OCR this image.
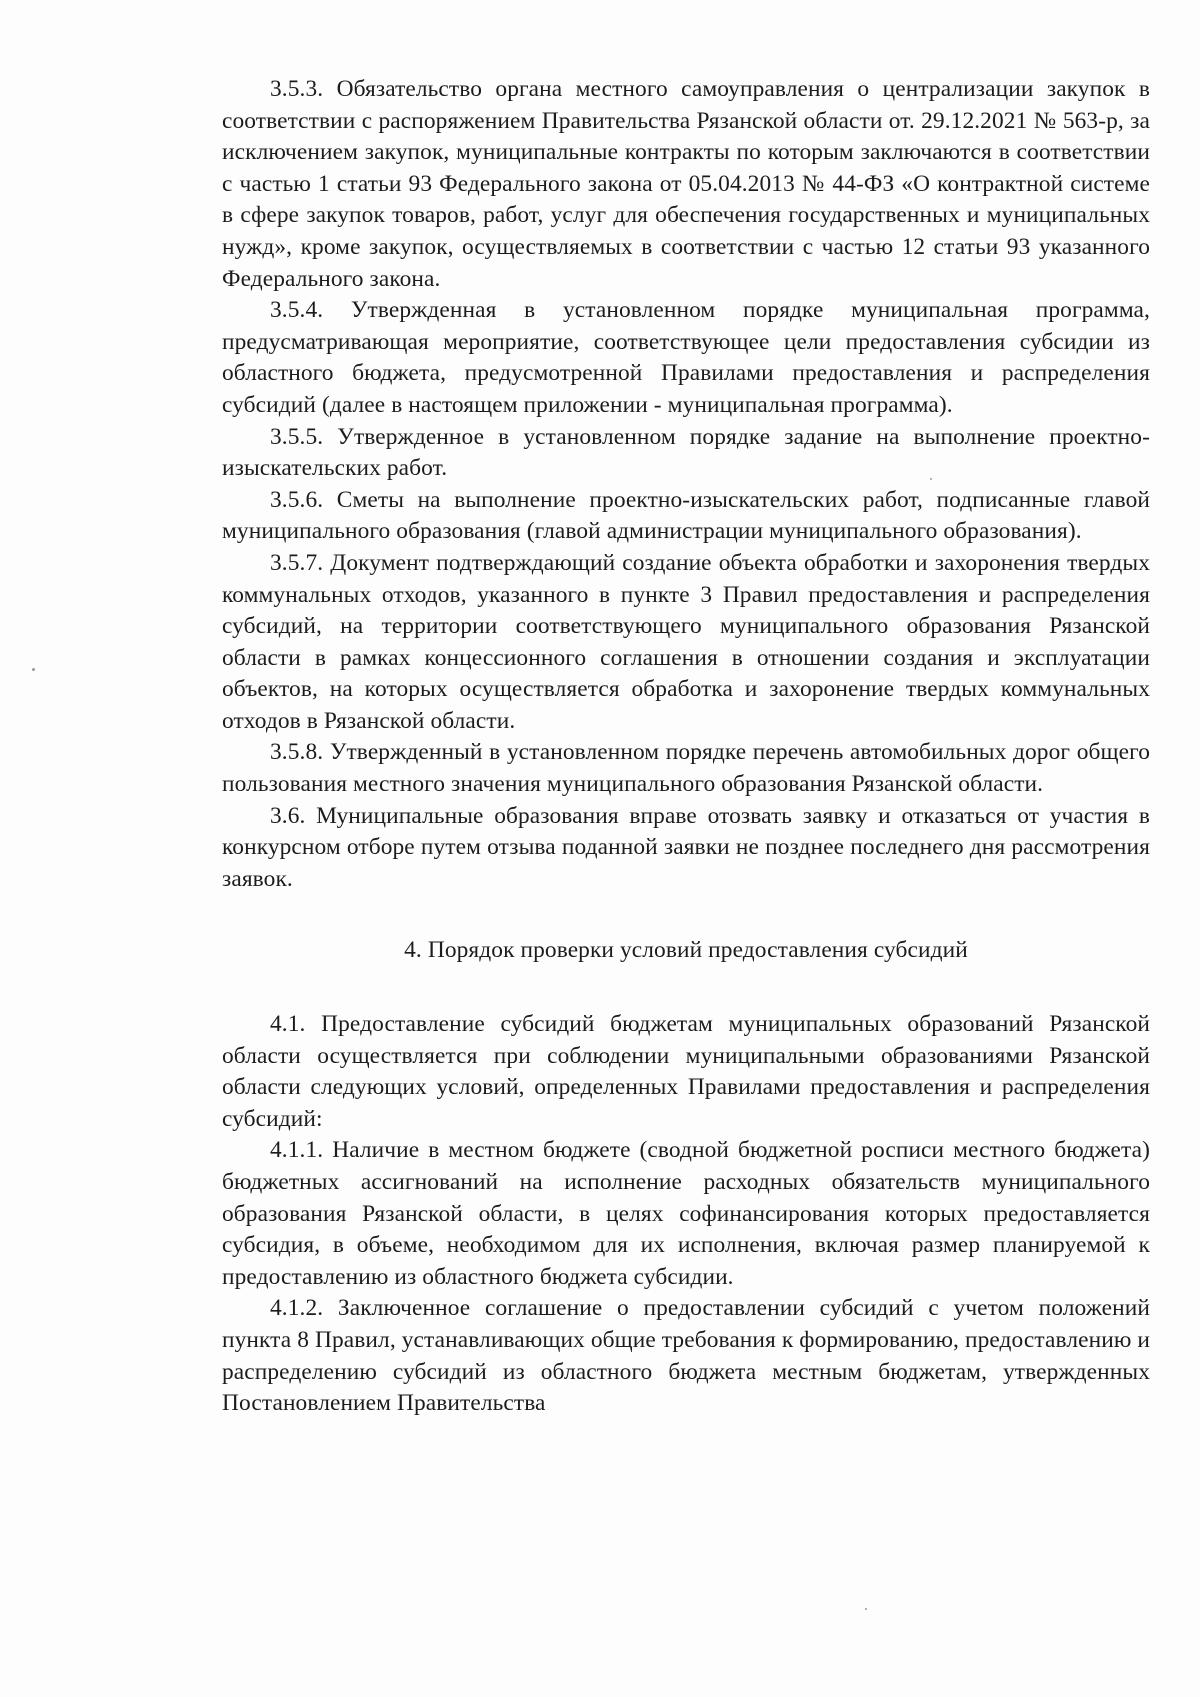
3.5.3. Обязательство органа местного самоуправления о централизации закупок в соответствии с распоряжением Правительства Рязанской области от. 29.12.2021 № 563-р, за исключением закупок, муниципальные контракты по которым заключаются в соответствии с частью 1 статьи 93 Федерального закона от 05.04.2013 № 44-ФЗ «О контрактной системе в сфере закупок товаров, работ, услуг для обеспечения государственных и муниципальных нужд», кроме закупок, осуществляемых в соответствии с частью 12 статьи 93 указанного Федерального закона.

3.5.4. Утвержденная в установленном порядке муниципальная программа, предусматривающая мероприятие, соответствующее цели предоставления субсидии из областного бюджета, предусмотренной Правилами предоставления и распределения субсидий (далее в настоящем приложении - муниципальная программа).

3.5.5. Утвержденное в установленном порядке задание на выполнение проектно-изыскательских работ.

3.5.6. Сметы на выполнение проектно-изыскательских работ, подписанные главой муниципального образования (главой администрации муниципального образования).

3.5.7. Документ подтверждающий создание объекта обработки и захоронения твердых коммунальных отходов, указанного в пункте 3 Правил предоставления и распределения субсидий, на территории соответствующего муниципального образования Рязанской области в рамках концессионного соглашения в отношении создания и эксплуатации объектов, на которых осуществляется обработка и захоронение твердых коммунальных отходов в Рязанской области.

3.5.8. Утвержденный в установленном порядке перечень автомобильных дорог общего пользования местного значения муниципального образования Рязанской области.

3.6. Муниципальные образования вправе отозвать заявку и отказаться от участия в конкурсном отборе путем отзыва поданной заявки не позднее последнего дня рассмотрения заявок.

4. Порядок проверки условий предоставления субсидий

4.1. Предоставление субсидий бюджетам муниципальных образований Рязанской области осуществляется при соблюдении муниципальными образованиями Рязанской области следующих условий, определенных Правилами предоставления и распределения субсидий:

4.1.1. Наличие в местном бюджете (сводной бюджетной росписи местного бюджета) бюджетных ассигнований на исполнение расходных обязательств муниципального образования Рязанской области, в целях софинансирования которых предоставляется субсидия, в объеме, необходимом для их исполнения, включая размер планируемой к предоставлению из областного бюджета субсидии.

4.1.2. Заключенное соглашение о предоставлении субсидий с учетом положений пункта 8 Правил, устанавливающих общие требования к формированию, предоставлению и распределению субсидий из областного бюджета местным бюджетам, утвержденных Постановлением Правительства
